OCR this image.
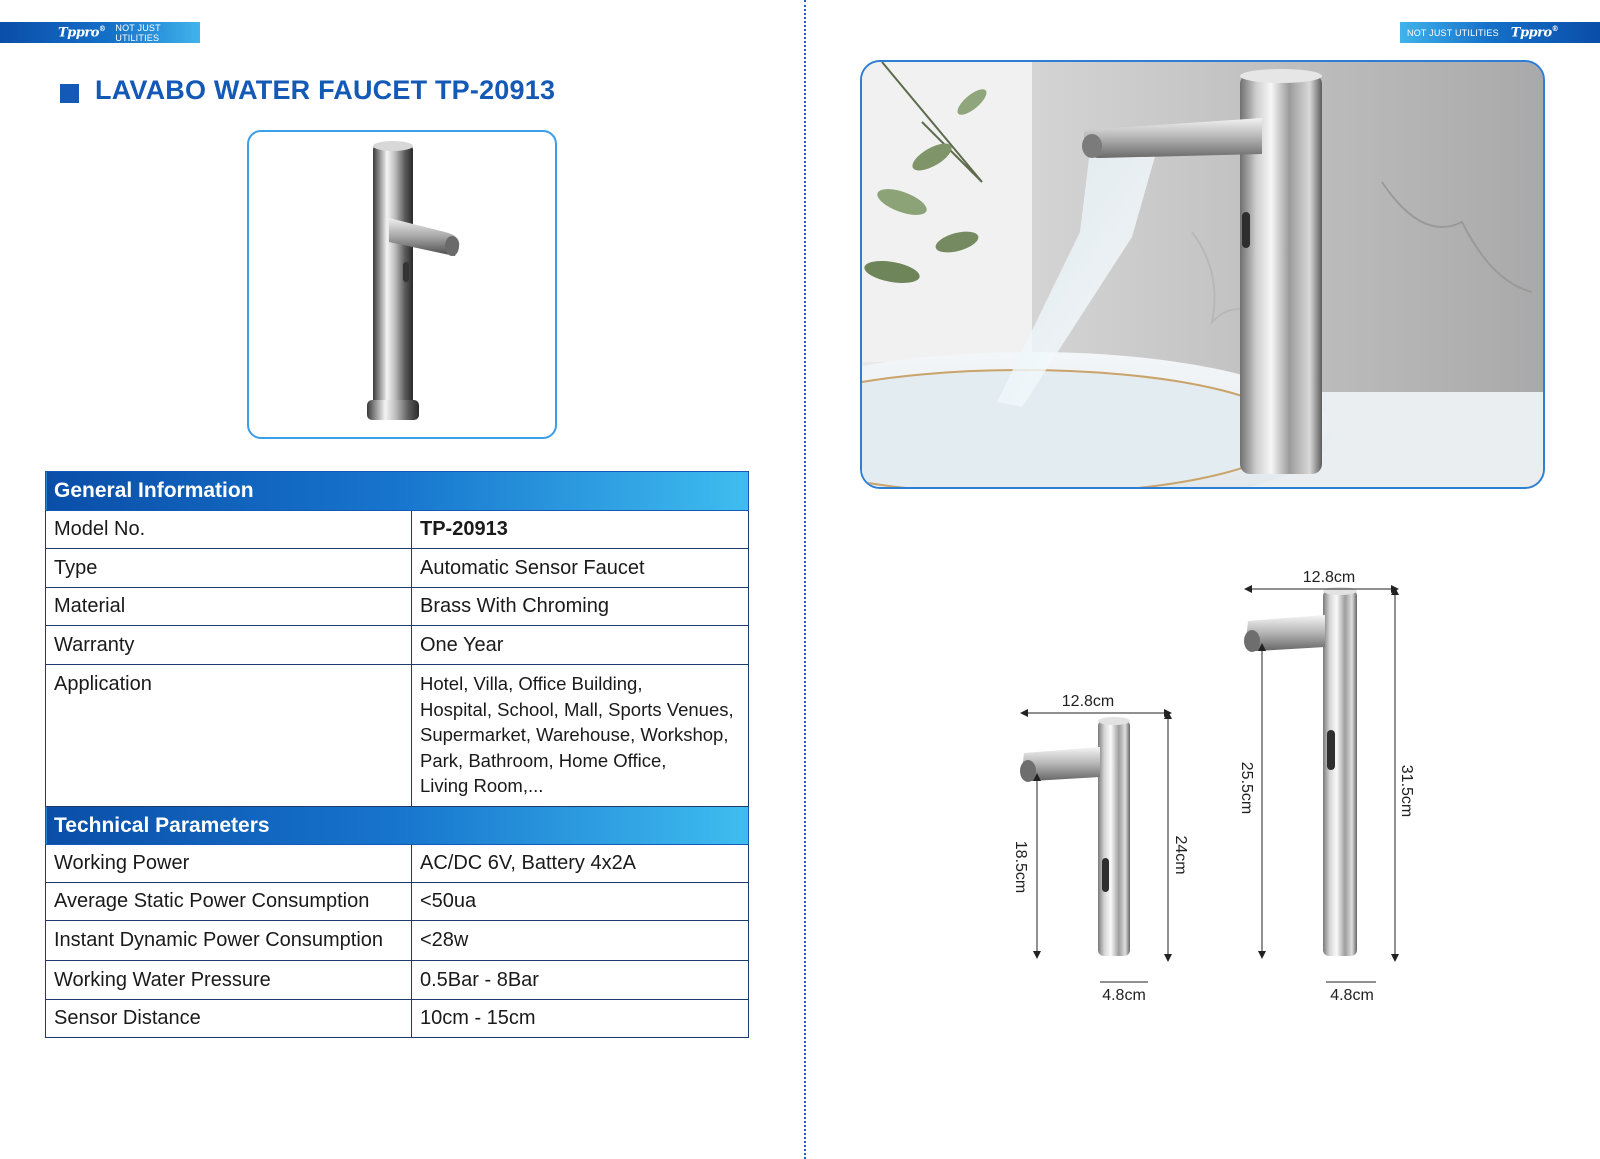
Tppro® NOT JUST UTILITIES	NOT JUST UTILITIES Tppro®
LAVABO WATER FAUCET TP-20913
General Information	
Model No.	TP-20913
Type	Automatic Sensor Faucet
Material	Brass With Chroming
Warranty	One Year
Application	Hotel, Villa, Office Building,
Hospital, School, Mall, Sports Venues,
Supermarket, Warehouse, Workshop,
Park, Bathroom, Home Office,
Living Room,...

Technical Parameters	
Working Power	AC/DC 6V, Battery 4x2A
Average Static Power Consumption	<50ua
Instant Dynamic Power Consumption	<28w
Working Water Pressure	0.5Bar - 8Bar
Sensor Distance	10cm - 15cm
12.8cm
18.5cm	24cm
4.8cm
12.8cm
25.5cm	31.5cm
4.8cm
